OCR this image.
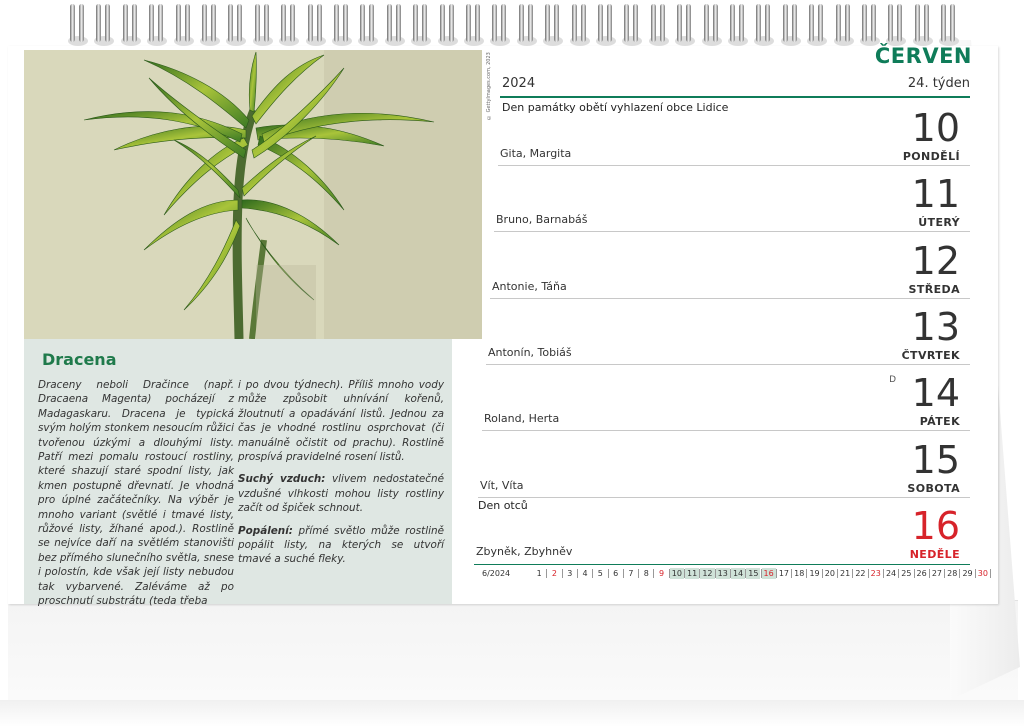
© GettyImages.com, 2023
Dracena

Draceny neboli Dračince (např. Dracaena Magenta) pocházejí z Madagaskaru. Dracena je typická svým holým stonkem nesoucím růžici tvořenou úzkými a dlouhými listy. Patří mezi pomalu rostoucí rostliny, které shazují staré spodní listy, jak kmen postupně dřevnatí. Je vhodná pro úplné začátečníky. Na výběr je mnoho variant (světlé i tmavé listy, růžové listy, žíhané apod.). Rostlině se nejvíce daří na světlém stanovišti bez přímého slunečního světla, snese i polostín, kde však její listy nebudou tak vybarvené. Zaléváme až po proschnutí substrátu (teda třeba

i po dvou týdnech). Příliš mnoho vody může způsobit uhnívání kořenů, žloutnutí a opadávání listů. Jednou za čas je vhodné rostlinu osprchovat (či manuálně očistit od prachu). Rostlině prospívá pravidelné rosení listů.

Suchý vzduch: vlivem nedostatečné vzdušné vlhkosti mohou listy rostliny začít od špiček schnout.

Popálení: přímé světlo může rostlině popálit listy, na kterých se utvoří tmavé a suché fleky.

ČERVEN
2024	24. týden
10
PONDĚLÍ
Gita, Margita
Den památky obětí vyhlazení obce Lidice
11
ÚTERÝ
Bruno, Barnabáš
12
STŘEDA
Antonie, Táňa
13
ČTVRTEK
Antonín, Tobiáš
14
PÁTEK
Roland, Herta
D
15
SOBOTA
Vít, Víta
16
NEDĚLE
Zbyněk, Zbyhněv
Den otců
6/2024	1	2	3	4	5	6	7	8	9 10 11 12 13 14 15 16 17 18 19 20 21 22 23 24 25 26 27 28 29 30
